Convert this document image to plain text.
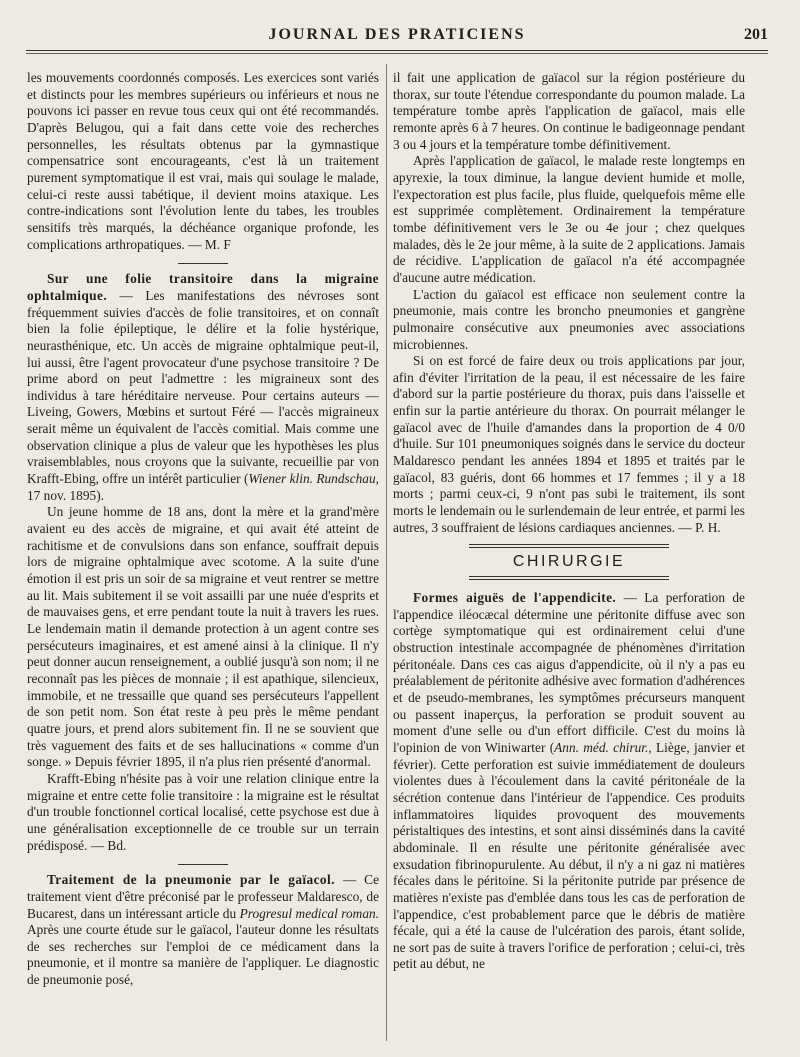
JOURNAL DES PRATICIENS	201

les mouvements coordonnés composés. Les exercices sont variés et distincts pour les membres supérieurs ou inférieurs et nous ne pouvons ici passer en revue tous ceux qui ont été recommandés. D'après Belugou, qui a fait dans cette voie des recherches personnelles, les résultats obtenus par la gymnastique compensatrice sont encourageants, c'est là un traitement purement symptomatique il est vrai, mais qui soulage le malade, celui-ci reste aussi tabétique, il devient moins ataxique. Les contre-indications sont l'évolution lente du tabes, les troubles sensitifs très marqués, la déchéance organique profonde, les complications arthropatiques. — M. F

Sur une folie transitoire dans la migraine ophtalmique. — Les manifestations des névroses sont fréquemment suivies d'accès de folie transitoires, et on connaît bien la folie épileptique, le délire et la folie hystérique, neurasthénique, etc. Un accès de migraine ophtalmique peut-il, lui aussi, être l'agent provocateur d'une psychose transitoire ? De prime abord on peut l'admettre : les migraineux sont des individus à tare héréditaire nerveuse. Pour certains auteurs — Liveing, Gowers, Mœbins et surtout Féré — l'accès migraineux serait même un équivalent de l'accès comitial. Mais comme une observation clinique a plus de valeur que les hypothèses les plus vraisemblables, nous croyons que la suivante, recueillie par von Krafft-Ebing, offre un intérêt particulier (Wiener klin. Rundschau, 17 nov. 1895).

Un jeune homme de 18 ans, dont la mère et la grand'mère avaient eu des accès de migraine, et qui avait été atteint de rachitisme et de convulsions dans son enfance, souffrait depuis lors de migraine ophtalmique avec scotome. A la suite d'une émotion il est pris un soir de sa migraine et veut rentrer se mettre au lit. Mais subitement il se voit assailli par une nuée d'esprits et de mauvaises gens, et erre pendant toute la nuit à travers les rues. Le lendemain matin il demande protection à un agent contre ses persécuteurs imaginaires, et est amené ainsi à la clinique. Il n'y peut donner aucun renseignement, a oublié jusqu'à son nom; il ne reconnaît pas les pièces de monnaie ; il est apathique, silencieux, immobile, et ne tressaille que quand ses persécuteurs l'appellent de son petit nom. Son état reste à peu près le même pendant quatre jours, et prend alors subitement fin. Il ne se souvient que très vaguement des faits et de ses hallucinations « comme d'un songe. » Depuis février 1895, il n'a plus rien présenté d'anormal.

Krafft-Ebing n'hésite pas à voir une relation clinique entre la migraine et entre cette folie transitoire : la migraine est le résultat d'un trouble fonctionnel cortical localisé, cette psychose est due à une généralisation exceptionnelle de ce trouble sur un terrain prédisposé. — Bd.

Traitement de la pneumonie par le gaïacol. — Ce traitement vient d'être préconisé par le professeur Maldaresco, de Bucarest, dans un intéressant article du Progresul medical roman. Après une courte étude sur le gaïacol, l'auteur donne les résultats de ses recherches sur l'emploi de ce médicament dans la pneumonie, et il montre sa manière de l'appliquer. Le diagnostic de pneumonie posé,

il fait une application de gaïacol sur la région postérieure du thorax, sur toute l'étendue correspondante du poumon malade. La température tombe après l'application de gaïacol, mais elle remonte après 6 à 7 heures. On continue le badigeonnage pendant 3 ou 4 jours et la température tombe définitivement.

Après l'application de gaïacol, le malade reste longtemps en apyrexie, la toux diminue, la langue devient humide et molle, l'expectoration est plus facile, plus fluide, quelquefois même elle est supprimée complètement. Ordinairement la température tombe définitivement vers le 3e ou 4e jour ; chez quelques malades, dès le 2e jour même, à la suite de 2 applications. Jamais de récidive. L'application de gaïacol n'a été accompagnée d'aucune autre médication.

L'action du gaïacol est efficace non seulement contre la pneumonie, mais contre les broncho pneumonies et gangrène pulmonaire consécutive aux pneumonies avec associations microbiennes.

Si on est forcé de faire deux ou trois applications par jour, afin d'éviter l'irritation de la peau, il est nécessaire de les faire d'abord sur la partie postérieure du thorax, puis dans l'aisselle et enfin sur la partie antérieure du thorax. On pourrait mélanger le gaïacol avec de l'huile d'amandes dans la proportion de 4 0/0 d'huile. Sur 101 pneumoniques soignés dans le service du docteur Maldaresco pendant les années 1894 et 1895 et traités par le gaïacol, 83 guéris, dont 66 hommes et 17 femmes ; il y a 18 morts ; parmi ceux-ci, 9 n'ont pas subi le traitement, ils sont morts le lendemain ou le surlendemain de leur entrée, et parmi les autres, 3 souffraient de lésions cardiaques anciennes. — P. H.

CHIRURGIE

Formes aiguës de l'appendicite. — La perforation de l'appendice iléocæcal détermine une péritonite diffuse avec son cortège symptomatique qui est ordinairement celui d'une obstruction intestinale accompagnée de phénomènes d'irritation péritonéale. Dans ces cas aigus d'appendicite, où il n'y a pas eu préalablement de péritonite adhésive avec formation d'adhérences et de pseudo-membranes, les symptômes précurseurs manquent ou passent inaperçus, la perforation se produit souvent au moment d'une selle ou d'un effort difficile. C'est du moins là l'opinion de von Winiwarter (Ann. méd. chirur., Liège, janvier et février). Cette perforation est suivie immédiatement de douleurs violentes dues à l'écoulement dans la cavité péritonéale de la sécrétion contenue dans l'intérieur de l'appendice. Ces produits inflammatoires liquides provoquent des mouvements péristaltiques des intestins, et sont ainsi disséminés dans la cavité abdominale. Il en résulte une péritonite généralisée avec exsudation fibrinopurulente. Au début, il n'y a ni gaz ni matières fécales dans le péritoine. Si la péritonite putride par présence de matières n'existe pas d'emblée dans tous les cas de perforation de l'appendice, c'est probablement parce que le débris de matière fécale, qui a été la cause de l'ulcération des parois, étant solide, ne sort pas de suite à travers l'orifice de perforation ; celui-ci, très petit au début, ne
